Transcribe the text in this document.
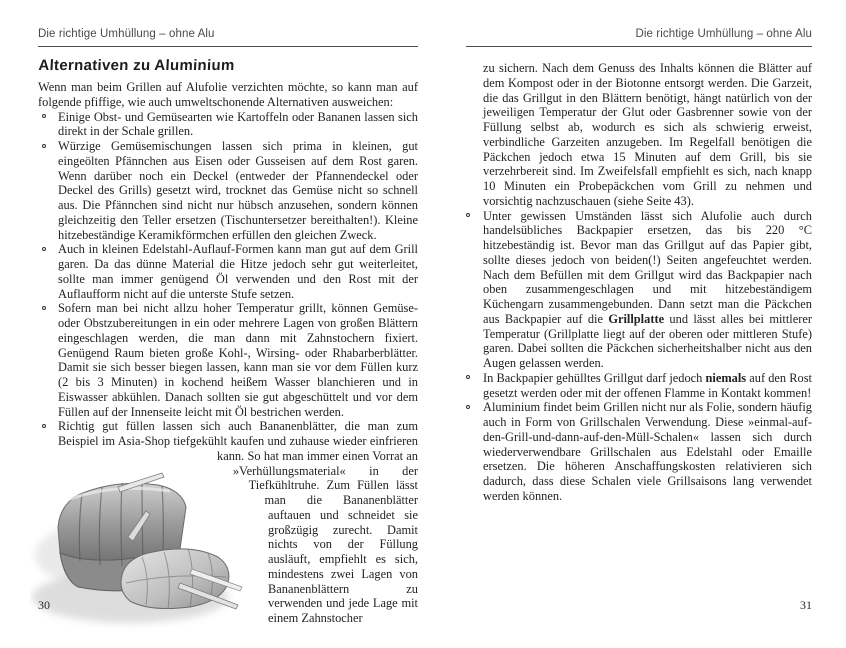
Die richtige Umhüllung – ohne Alu
Alternativen zu Aluminium

Wenn man beim Grillen auf Alufolie verzichten möchte, so kann man auf folgende pfiffige, wie auch umweltschonende Alternativen ausweichen:

Einige Obst- und Gemüsearten wie Kartoffeln oder Bananen lassen sich direkt in der Schale grillen.
Würzige Gemüsemischungen lassen sich prima in kleinen, gut eingeölten Pfännchen aus Eisen oder Gusseisen auf dem Rost garen. Wenn darüber noch ein Deckel (entweder der Pfannendeckel oder Deckel des Grills) gesetzt wird, trocknet das Gemüse nicht so schnell aus. Die Pfännchen sind nicht nur hübsch anzusehen, sondern können gleichzeitig den Teller ersetzen (Tischuntersetzer bereithalten!). Kleine hitzebeständige Keramikförmchen erfüllen den gleichen Zweck.
Auch in kleinen Edelstahl-Auflauf-Formen kann man gut auf dem Grill garen. Da das dünne Material die Hitze jedoch sehr gut weiterleitet, sollte man immer genügend Öl verwenden und den Rost mit der Auflaufform nicht auf die unterste Stufe setzen.
Sofern man bei nicht allzu hoher Temperatur grillt, können Gemüse- oder Obstzubereitungen in ein oder mehrere Lagen von großen Blättern eingeschlagen werden, die man dann mit Zahnstochern fixiert. Genügend Raum bieten große Kohl-, Wirsing- oder Rhabarberblätter. Damit sie sich besser biegen lassen, kann man sie vor dem Füllen kurz (2 bis 3 Minuten) in kochend heißem Wasser blanchieren und in Eiswasser abkühlen. Danach sollten sie gut abgeschüttelt und vor dem Füllen auf der Innenseite leicht mit Öl bestrichen werden.
Richtig gut füllen lassen sich auch Bananenblätter, die man zum Beispiel im Asia-Shop tiefgekühlt kaufen und zuhause wieder einfrieren kann. So hat man immer einen Vorrat an »Verhüllungsmaterial« in der Tiefkühltruhe. Zum Füllen lässt man die Bananenblätter auftauen und schneidet sie großzügig zurecht. Damit nichts von der Füllung ausläuft, empfiehlt es sich, mindestens zwei Lagen von Bananenblättern zu verwenden und jede Lage mit einem Zahnstocher
30
Die richtige Umhüllung – ohne Alu

zu sichern. Nach dem Genuss des Inhalts können die Blätter auf dem Kompost oder in der Biotonne entsorgt werden. Die Garzeit, die das Grillgut in den Blättern benötigt, hängt natürlich von der jeweiligen Temperatur der Glut oder Gasbrenner sowie von der Füllung selbst ab, wodurch es sich als schwierig erweist, verbindliche Garzeiten anzugeben. Im Regelfall benötigen die Päckchen jedoch etwa 15 Minuten auf dem Grill, bis sie verzehrbereit sind. Im Zweifelsfall empfiehlt es sich, nach knapp 10 Minuten ein Probepäckchen vom Grill zu nehmen und vorsichtig nachzuschauen (siehe Seite 43).

Unter gewissen Umständen lässt sich Alufolie auch durch handelsübliches Backpapier ersetzen, das bis 220 °C hitzebeständig ist. Bevor man das Grillgut auf das Papier gibt, sollte dieses jedoch von beiden(!) Seiten angefeuchtet werden. Nach dem Befüllen mit dem Grillgut wird das Backpapier nach oben zusammengeschlagen und mit hitzebeständigem Küchengarn zusammengebunden. Dann setzt man die Päckchen aus Backpapier auf die Grillplatte und lässt alles bei mittlerer Temperatur (Grillplatte liegt auf der oberen oder mittleren Stufe) garen. Dabei sollten die Päckchen sicherheitshalber nicht aus den Augen gelassen werden.
In Backpapier gehülltes Grillgut darf jedoch niemals auf den Rost gesetzt werden oder mit der offenen Flamme in Kontakt kommen!
Aluminium findet beim Grillen nicht nur als Folie, sondern häufig auch in Form von Grillschalen Verwendung. Diese »einmal-auf-den-Grill-und-dann-auf-den-Müll-Schalen« lassen sich durch wiederverwendbare Grillschalen aus Edelstahl oder Emaille ersetzen. Die höheren Anschaffungskosten relativieren sich dadurch, dass diese Schalen viele Grillsaisons lang verwendet werden können.
31
